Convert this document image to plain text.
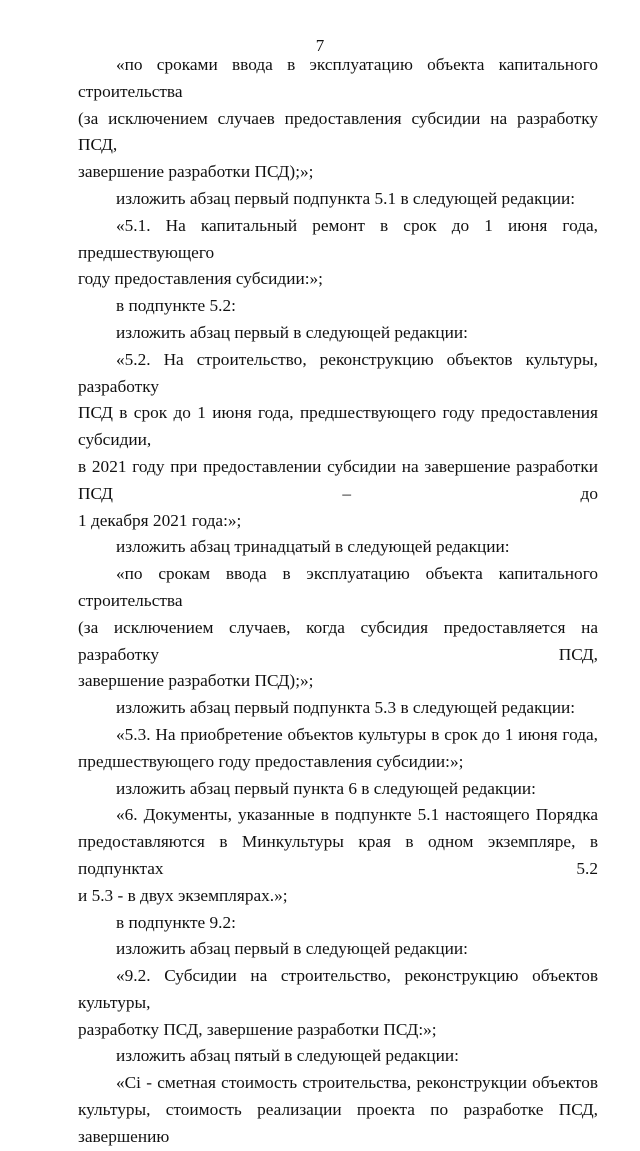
7

«по сроками ввода в эксплуатацию объекта капитального строительства

(за исключением случаев предоставления субсидии на разработку ПСД,

завершение разработки ПСД);»;

изложить абзац первый подпункта 5.1 в следующей редакции:

«5.1. На капитальный ремонт в срок до 1 июня года, предшествующего

году предоставления субсидии:»;

в подпункте 5.2:

изложить абзац первый в следующей редакции:

«5.2. На строительство, реконструкцию объектов культуры, разработку

ПСД в срок до 1 июня года, предшествующего году предоставления субсидии,

в 2021 году при предоставлении субсидии на завершение разработки ПСД – до

1 декабря 2021 года:»;

изложить абзац тринадцатый в следующей редакции:

«по срокам ввода в эксплуатацию объекта капитального строительства

(за исключением случаев, когда субсидия предоставляется на разработку ПСД,

завершение разработки ПСД);»;

изложить абзац первый подпункта 5.3 в следующей редакции:

«5.3. На приобретение объектов культуры в срок до 1 июня года,

предшествующего году предоставления субсидии:»;

изложить абзац первый пункта 6 в следующей редакции:

«6. Документы, указанные в подпункте 5.1 настоящего Порядка

предоставляются в Минкультуры края в одном экземпляре, в подпунктах 5.2

и 5.3 - в двух экземплярах.»;

в подпункте 9.2:

изложить абзац первый в следующей редакции:

«9.2. Субсидии на строительство, реконструкцию объектов культуры,

разработку ПСД, завершение разработки ПСД:»;

изложить абзац пятый в следующей редакции:

«Ci - сметная стоимость строительства, реконструкции объектов

культуры, стоимость реализации проекта по разработке ПСД, завершению
